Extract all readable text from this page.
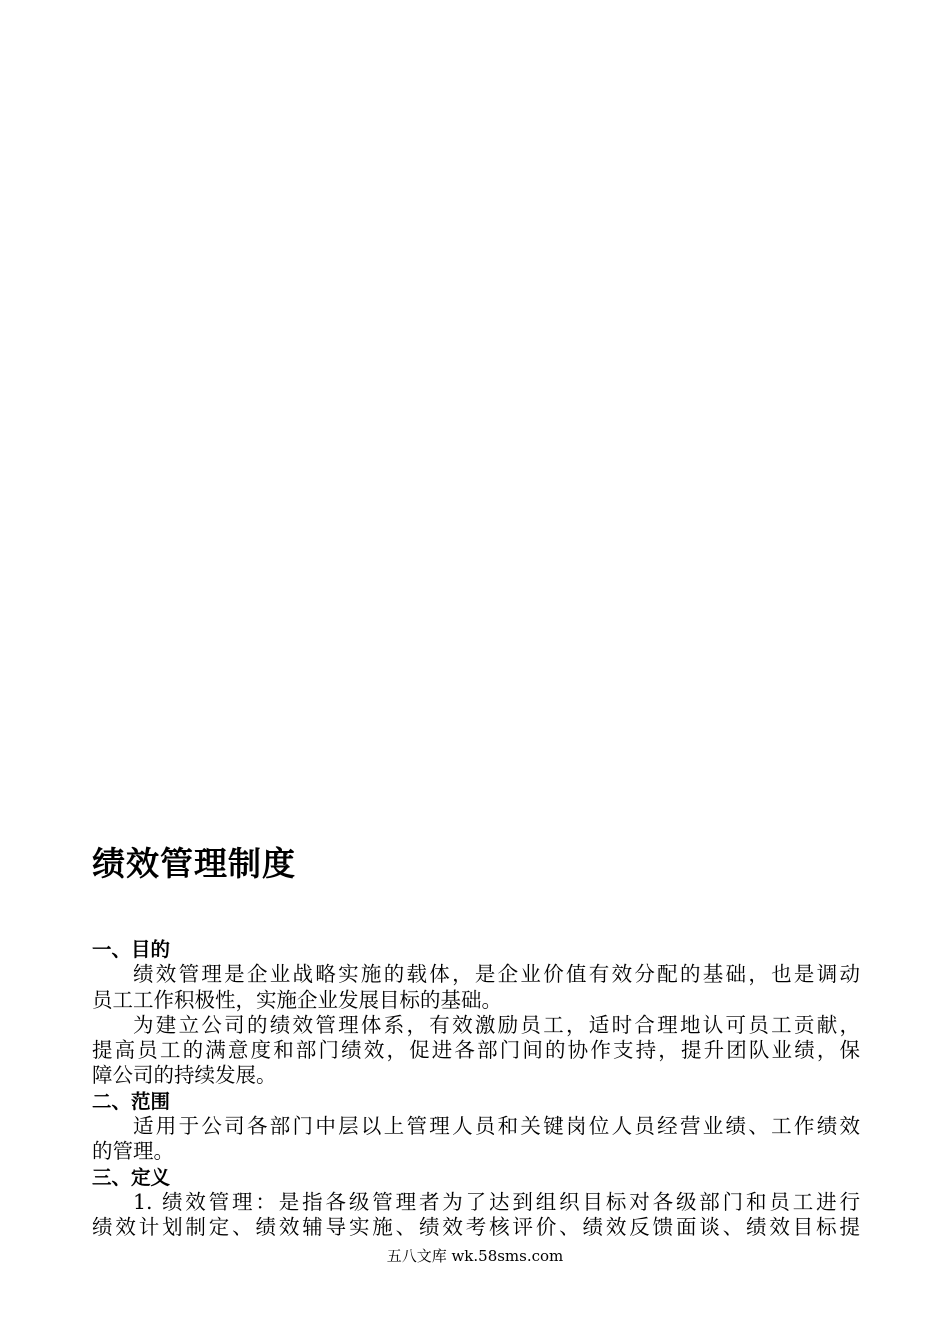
绩效管理制度
一、目的
绩效管理是企业战略实施的载体，是企业价值有效分配的基础，也是调动
员工工作积极性，实施企业发展目标的基础。
为建立公司的绩效管理体系，有效激励员工，适时合理地认可员工贡献，
提高员工的满意度和部门绩效，促进各部门间的协作支持，提升团队业绩，保
障公司的持续发展。
二、范围
适用于公司各部门中层以上管理人员和关键岗位人员经营业绩、工作绩效
的管理。
三、定义
1. 绩效管理：是指各级管理者为了达到组织目标对各级部门和员工进行
绩效计划制定、绩效辅导实施、绩效考核评价、绩效反馈面谈、绩效目标提
五八文库 wk.58sms.com
